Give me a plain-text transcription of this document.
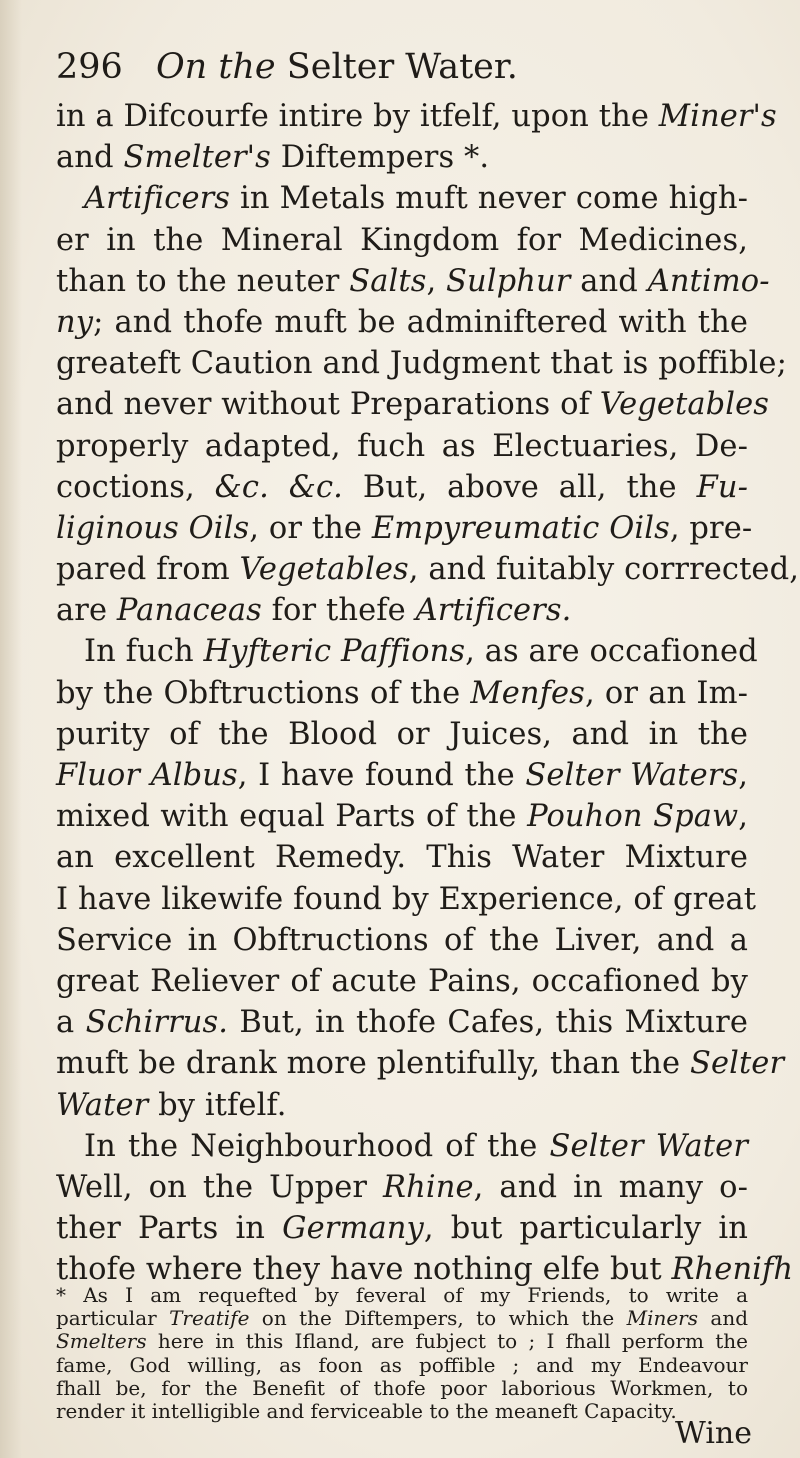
296 On the Selter Water.
in a Difcourfe intire by itfelf, upon the Miner's
and Smelter's Diftempers *.
Artificers in Metals muft never come high-
er in the Mineral Kingdom for Medicines,
than to the neuter Salts, Sulphur and Antimo-
ny; and thofe muft be adminiftered with the
greateft Caution and Judgment that is poffible;
and never without Preparations of Vegetables
properly adapted, fuch as Electuaries, De-
coctions, &c. &c. But, above all, the Fu-
liginous Oils, or the Empyreumatic Oils, pre-
pared from Vegetables, and fuitably corrrected,
are Panaceas for thefe Artificers.
In fuch Hyfteric Paffions, as are occafioned
by the Obftructions of the Menfes, or an Im-
purity of the Blood or Juices, and in the
Fluor Albus, I have found the Selter Waters,
mixed with equal Parts of the Pouhon Spaw,
an excellent Remedy. This Water Mixture
I have likewife found by Experience, of great
Service in Obftructions of the Liver, and a
great Reliever of acute Pains, occafioned by
a Schirrus. But, in thofe Cafes, this Mixture
muft be drank more plentifully, than the Selter
Water by itfelf.
In the Neighbourhood of the Selter Water
Well, on the Upper Rhine, and in many o-
ther Parts in Germany, but particularly in
thofe where they have nothing elfe but Rhenifh
* As I am requefted by feveral of my Friends, to write a
particular Treatife on the Diftempers, to which the Miners and
Smelters here in this Ifland, are fubject to ; I fhall perform the
fame, God willing, as foon as poffible ; and my Endeavour
fhall be, for the Benefit of thofe poor laborious Workmen, to
render it intelligible and ferviceable to the meaneft Capacity.
Wine
